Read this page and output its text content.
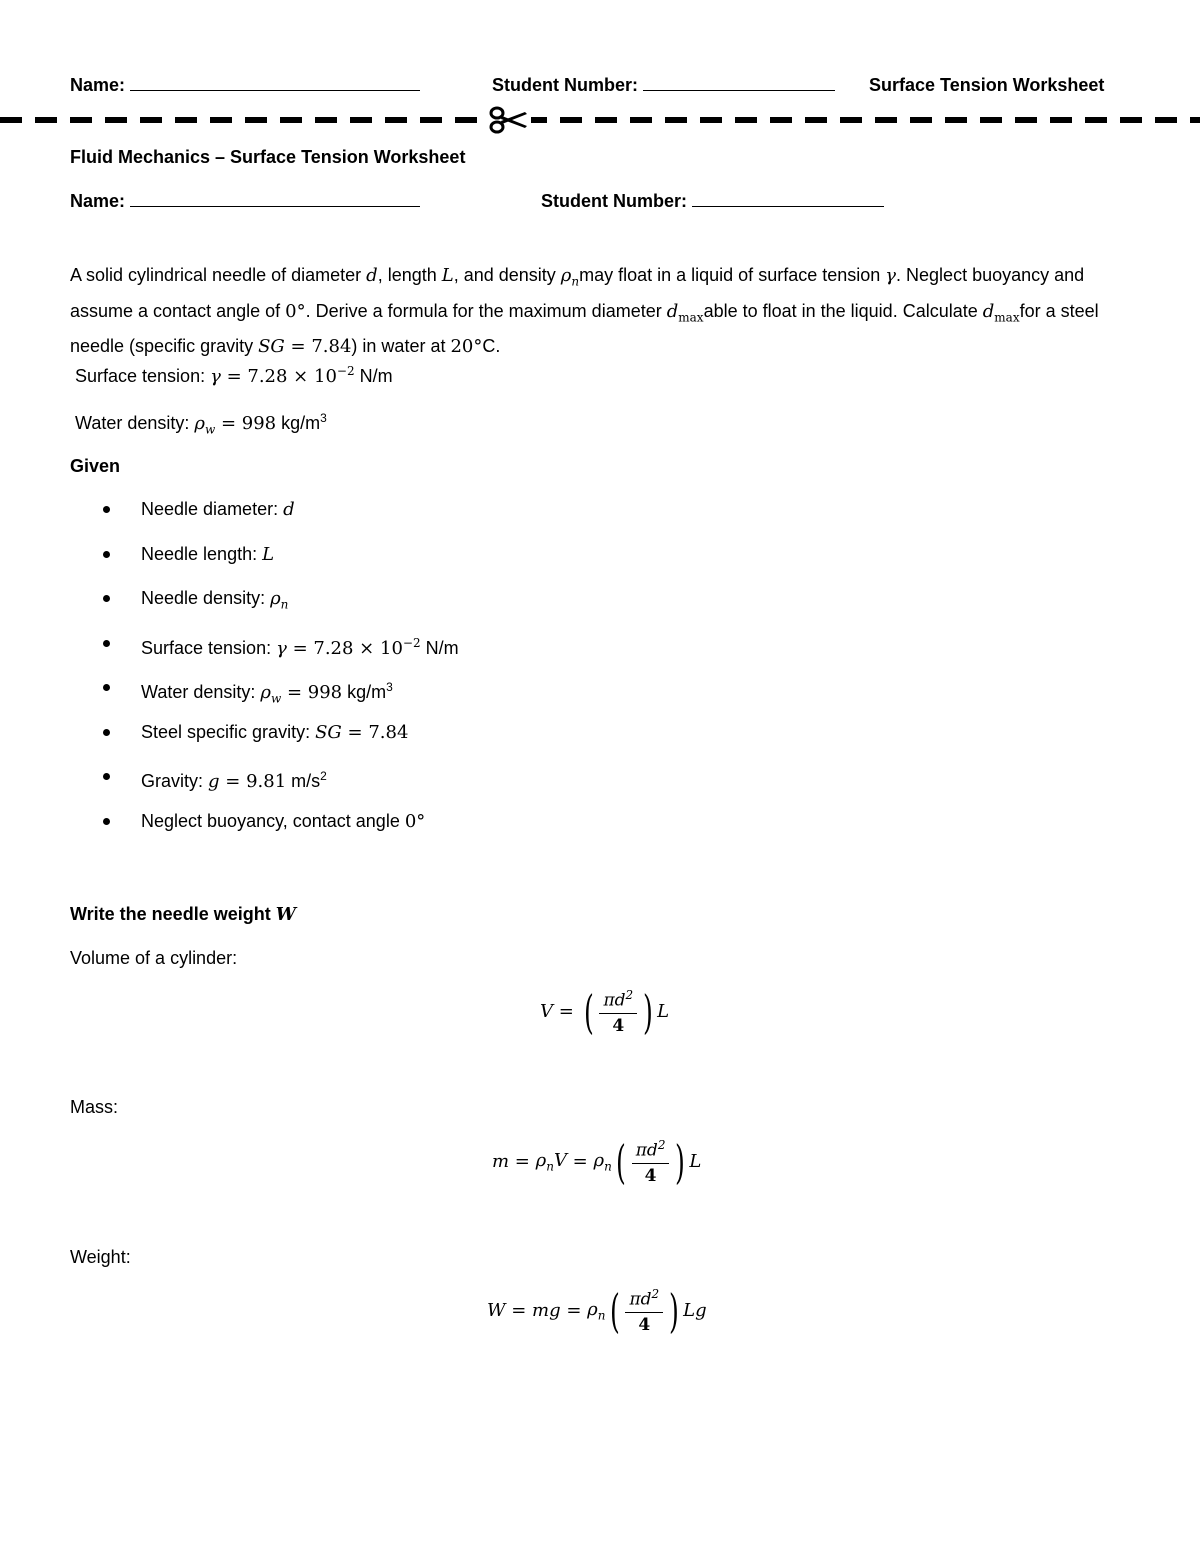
Name:	Student Number:	Surface Tension Worksheet
Fluid Mechanics – Surface Tension Worksheet
Name:	Student Number:
A solid cylindrical needle of diameter d, length L, and density $\rho_nmay$ float in a liquid of surface tension γ. Neglect buoyancy and assume a contact angle of 0°. Derive a formula for the maximum diameter $d_{max}able$ to float in the liquid. Calculate $d_{max}for$ a steel needle (specific gravity SG = 7.84) in water at 20°C.
Surface tension: $\gamma = 7.28 \times 10^{-2}$ N/m
Water density: $\rho_w = 998$ $kg/m^3$
Given
Needle diameter: d
Needle length: L
Needle density: $\rho_n$
Surface tension: $\gamma = 7.28 \times 10^{-2}$ N/m
Water density: $\rho_w = 998$ $kg/m^3$
Steel specific gravity: SG = 7.84
Gravity: g = 9.81 $m/s^2$
Neglect buoyancy, contact angle 0°
Write the needle weight W
Volume of a cylinder:
V = ( $\frac{\pi d^2}{4}$ ) L
Mass:
$m = \rho_nV = \rho_n$ ( $\frac{\pi d^2}{4}$ ) L
Weight:
W = mg = $\rho_n$ ( $\frac{\pi d^2}{4}$ ) Lg
